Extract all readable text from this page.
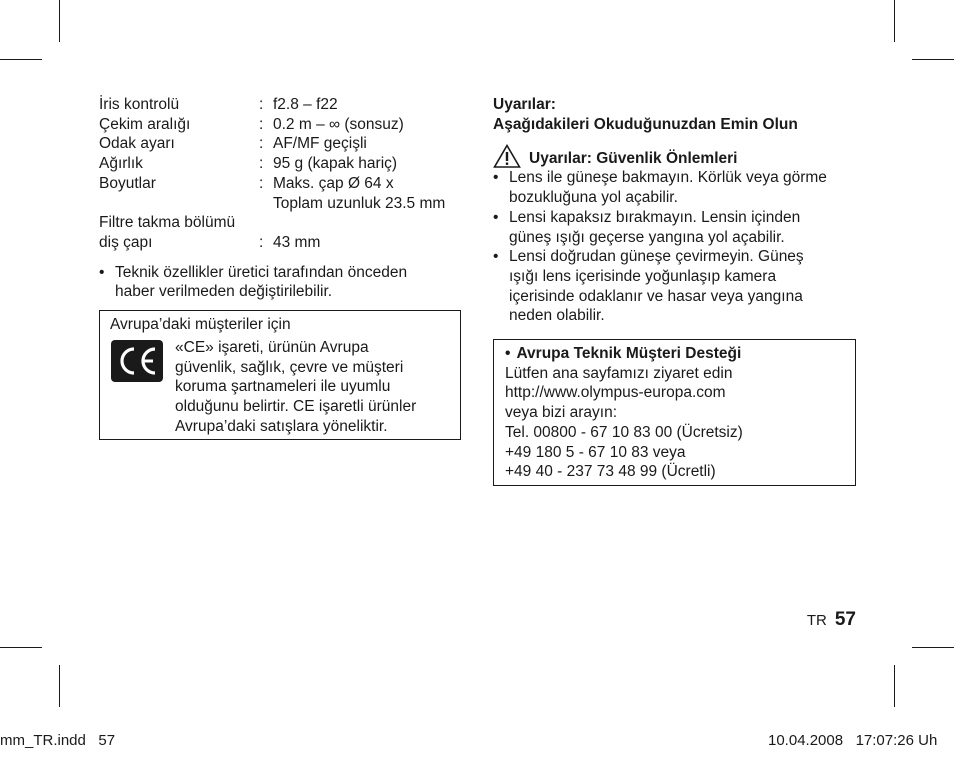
İris kontrolü	: f2.8 – f22
Çekim aralığı	: 0.2 m – ∞ (sonsuz)
Odak ayarı	: AF/MF geçişli
Ağırlık	: 95 g (kapak hariç)
Boyutlar	: Maks. çap Ø 64 x
Toplam uzunluk 23.5 mm
Filtre takma bölümü
diş çapı	: 43 mm
• Teknik özellikler üretici tarafından önceden
haber verilmeden değiştirilebilir.
Avrupa’daki müşteriler için
«CE» işareti, ürünün Avrupa
güvenlik, sağlık, çevre ve müşteri
koruma şartnameleri ile uyumlu
olduğunu belirtir. CE işaretli ürünler
Avrupa’daki satışlara yöneliktir.
Uyarılar:
Aşağıdakileri Okuduğunuzdan Emin Olun
Uyarılar: Güvenlik Önlemleri
• Lens ile güneşe bakmayın. Körlük veya görme
bozukluğuna yol açabilir.
• Lensi kapaksız bırakmayın. Lensin içinden
güneş ışığı geçerse yangına yol açabilir.
• Lensi doğrudan güneşe çevirmeyin. Güneş
ışığı lens içerisinde yoğunlaşıp kamera
içerisinde odaklanır ve hasar veya yangına
neden olabilir.
• Avrupa Teknik Müşteri Desteği
Lütfen ana sayfamızı ziyaret edin
http://www.olympus-europa.com
veya bizi arayın:
Tel. 00800 - 67 10 83 00 (Ücretsiz)
+49 180 5 - 67 10 83 veya
+49 40 - 237 73 48 99 (Ücretli)
TR 57
mm_TR.indd   57	10.04.2008   17:07:26 Uh
